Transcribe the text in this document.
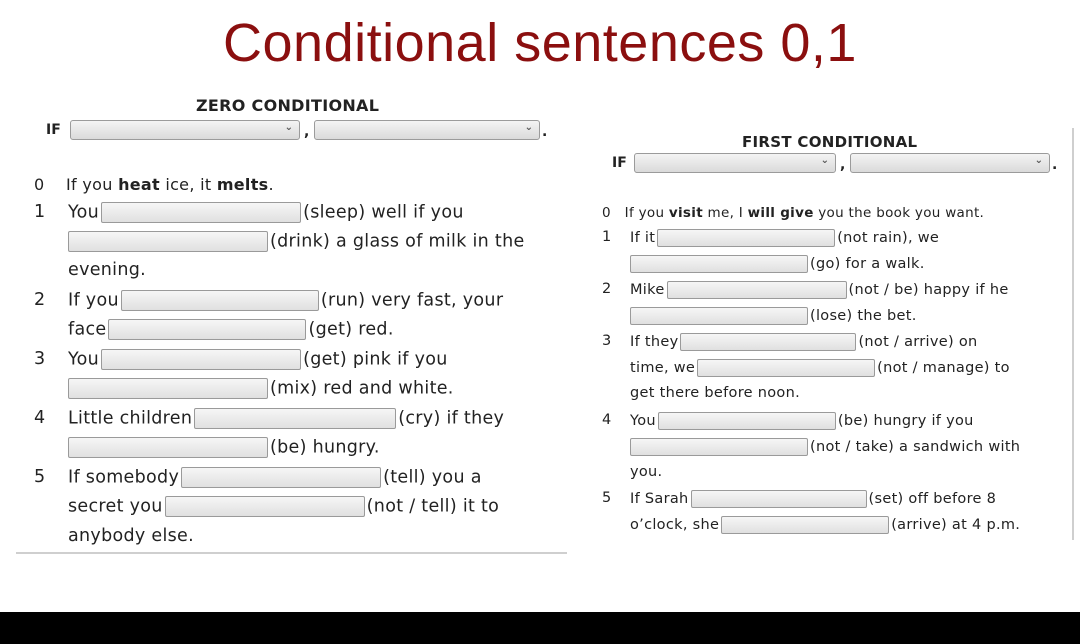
Conditional sentences 0,1
ZERO CONDITIONAL
IF	⌄ ,	⌄ .
0 If you heat ice, it melts.
1 You	(sleep) well if you
(drink) a glass of milk in the
evening.
2 If you	(run) very fast, your
face	(get) red.
3 You	(get) pink if you
(mix) red and white.
4 Little children	(cry) if they
(be) hungry.
5 If somebody	(tell) you a
secret you	(not / tell) it to
anybody else.
FIRST CONDITIONAL
IF	⌄ ,	⌄ .
0 If you visit me, I will give you the book you want.
1 If it	(not rain), we
(go) for a walk.
2 Mike	(not / be) happy if he
(lose) the bet.
3 If they	(not / arrive) on
time, we	(not / manage) to
get there before noon.
4 You	(be) hungry if you
(not / take) a sandwich with
you.
5 If Sarah	(set) off before 8
o’clock, she	(arrive) at 4 p.m.
